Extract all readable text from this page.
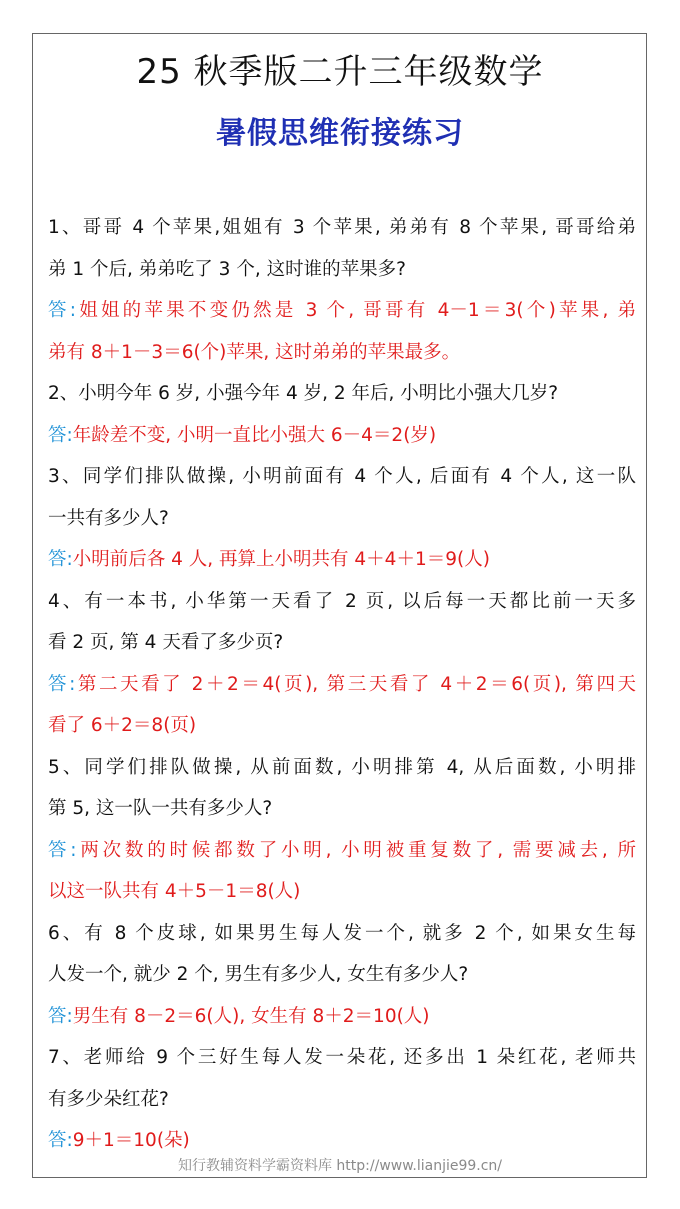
25 秋季版二升三年级数学
暑假思维衔接练习
1、哥哥 4 个苹果,姐姐有 3 个苹果, 弟弟有 8 个苹果, 哥哥给弟
弟 1 个后, 弟弟吃了 3 个, 这时谁的苹果多?
答:姐姐的苹果不变仍然是 3 个, 哥哥有 4－1＝3(个)苹果, 弟
弟有 8＋1－3＝6(个)苹果, 这时弟弟的苹果最多。
2、小明今年 6 岁, 小强今年 4 岁, 2 年后, 小明比小强大几岁?
答:年龄差不变, 小明一直比小强大 6－4＝2(岁)
3、同学们排队做操, 小明前面有 4 个人, 后面有 4 个人, 这一队
一共有多少人?
答:小明前后各 4 人, 再算上小明共有 4＋4＋1＝9(人)
4、有一本书, 小华第一天看了 2 页, 以后每一天都比前一天多
看 2 页, 第 4 天看了多少页?
答:第二天看了 2＋2＝4(页), 第三天看了 4＋2＝6(页), 第四天
看了 6＋2＝8(页)
5、同学们排队做操, 从前面数, 小明排第 4, 从后面数, 小明排
第 5, 这一队一共有多少人?
答:两次数的时候都数了小明, 小明被重复数了, 需要减去, 所
以这一队共有 4＋5－1＝8(人)
6、有 8 个皮球, 如果男生每人发一个, 就多 2 个, 如果女生每
人发一个, 就少 2 个, 男生有多少人, 女生有多少人?
答:男生有 8－2＝6(人), 女生有 8＋2＝10(人)
7、老师给 9 个三好生每人发一朵花, 还多出 1 朵红花, 老师共
有多少朵红花?
答:9＋1＝10(朵)
知行教辅资料学霸资料库 http://www.lianjie99.cn/
